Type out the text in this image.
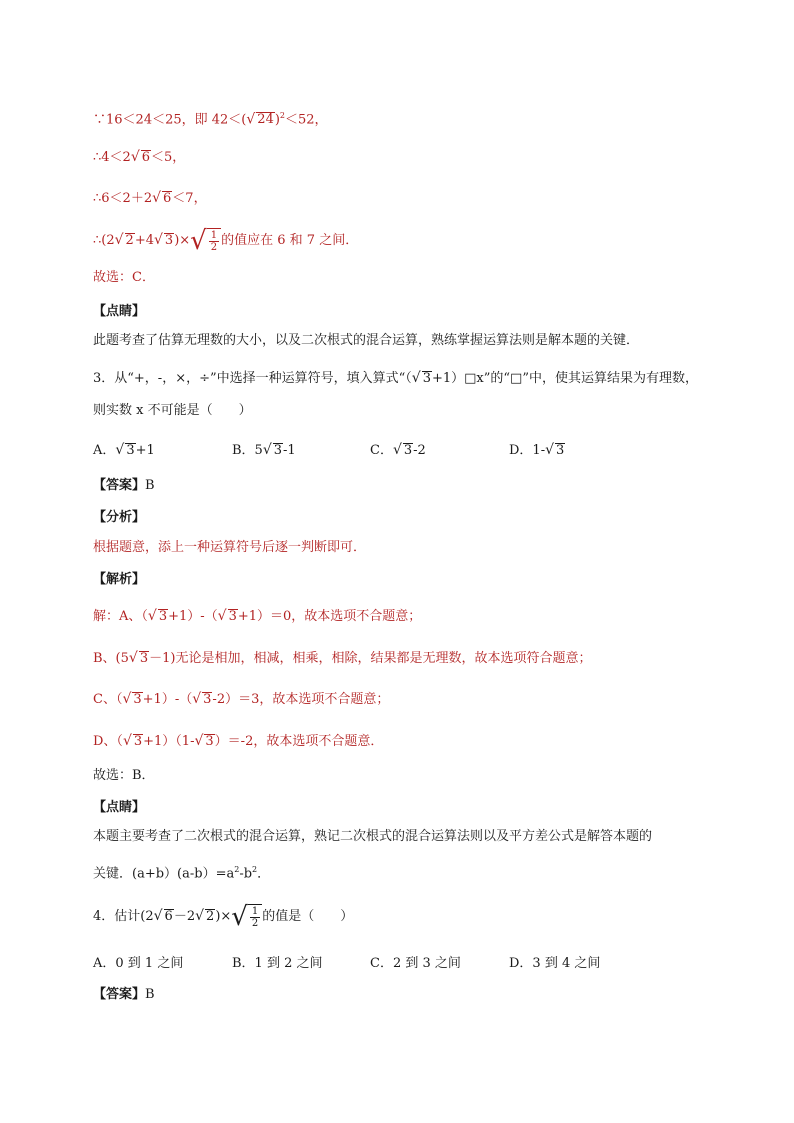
∵16＜24＜25，即 42＜(√ 24)$^2$＜52，
∴4＜2√ 6＜5，
∴6＜2＋2√ 6＜7，
∴(2√ 2+4√ $3)\times√ \frac{1}{2}$ 的值应在 6 和 7 之间．
故选：C．
【点睛】
此题考查了估算无理数的大小，以及二次根式的混合运算，熟练掌握运算法则是解本题的关键．
3．从“+，-，×，÷”中选择一种运算符号，填入算式“（√ 3+1）□x”的“□”中，使其运算结果为有理数，
则实数 x 不可能是（　　）
A．√ 3+1	B．5√ 3-1	C．√ 3-2	D．1-√ 3
【答案】B
【分析】
根据题意，添上一种运算符号后逐一判断即可．
【解析】
解：A、（√ 3+1）-（√ 3+1）＝0，故本选项不合题意；
B、(5√ 3－1)无论是相加，相减，相乘，相除，结果都是无理数，故本选项符合题意；
C、（√ 3+1）-（√ 3-2）＝3，故本选项不合题意；
D、（√ 3+1）（1-√ 3）＝-2，故本选项不合题意．
故选：B．
【点睛】
本题主要考查了二次根式的混合运算，熟记二次根式的混合运算法则以及平方差公式是解答本题的
关键．$(a+b)(a-b)=a^2-b^2$．
4．估计(2√ 6－2√ $2)\times√ \frac{1}{2}$ 的值是（　　）
A．0 到 1 之间	B．1 到 2 之间	C．2 到 3 之间	D．3 到 4 之间
【答案】B
